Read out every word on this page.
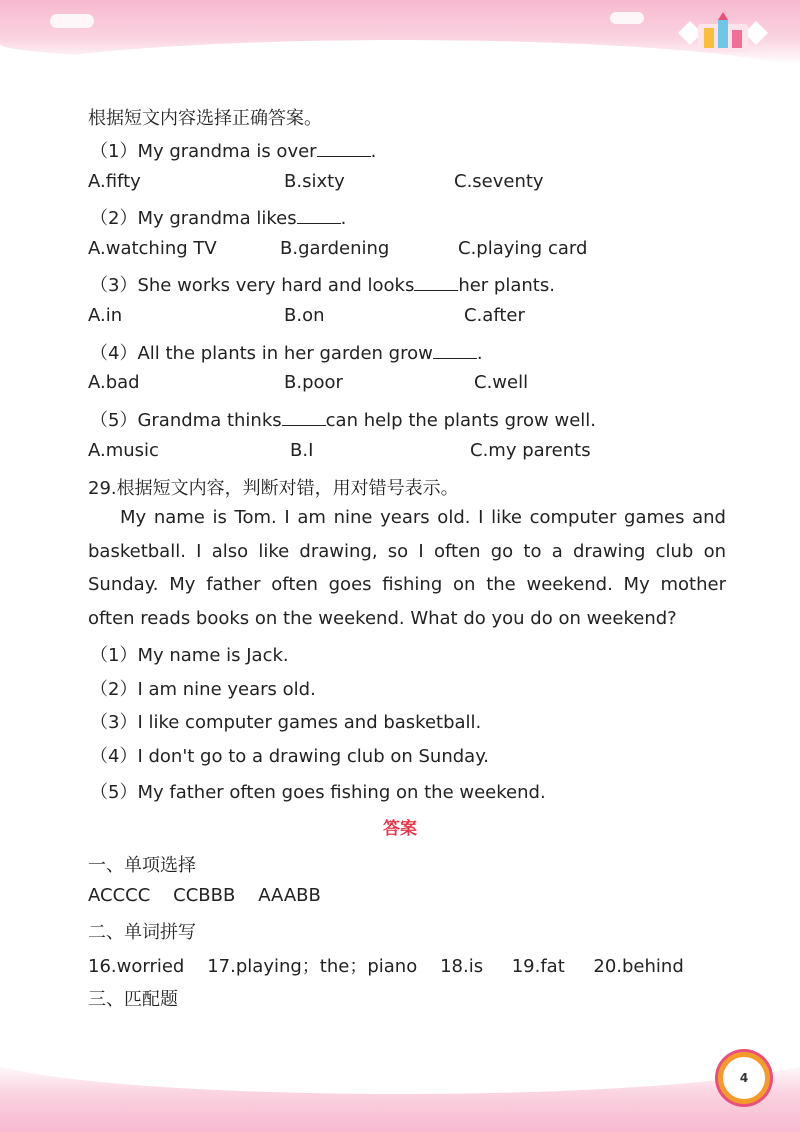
根据短文内容选择正确答案。
（1）My grandma is over	.
A.fifty	B.sixty	C.seventy
（2）My grandma likes .
A.watching TV	B.gardening	C.playing card
（3）She works very hard and looks her plants.
A.in	B.on	C.after
（4）All the plants in her garden grow .
A.bad	B.poor	C.well
（5）Grandma thinks can help the plants grow well.
A.music	B.I	C.my parents
29.根据短文内容，判断对错，用对错号表示。
My name is Tom. I am nine years old. I like computer games and basketball. I also like drawing, so I often go to a drawing club on Sunday. My father often goes fishing on the weekend. My mother often reads books on the weekend. What do you do on weekend?
（1）My name is Jack.
（2）I am nine years old.
（3）I like computer games and basketball.
（4）I don't go to a drawing club on Sunday.
（5）My father often goes fishing on the weekend.
答案
一、单项选择
ACCCC    CCBBB    AAABB
二、单词拼写
16.worried    17.playing；the；piano    18.is     19.fat     20.behind
三、匹配题
4
